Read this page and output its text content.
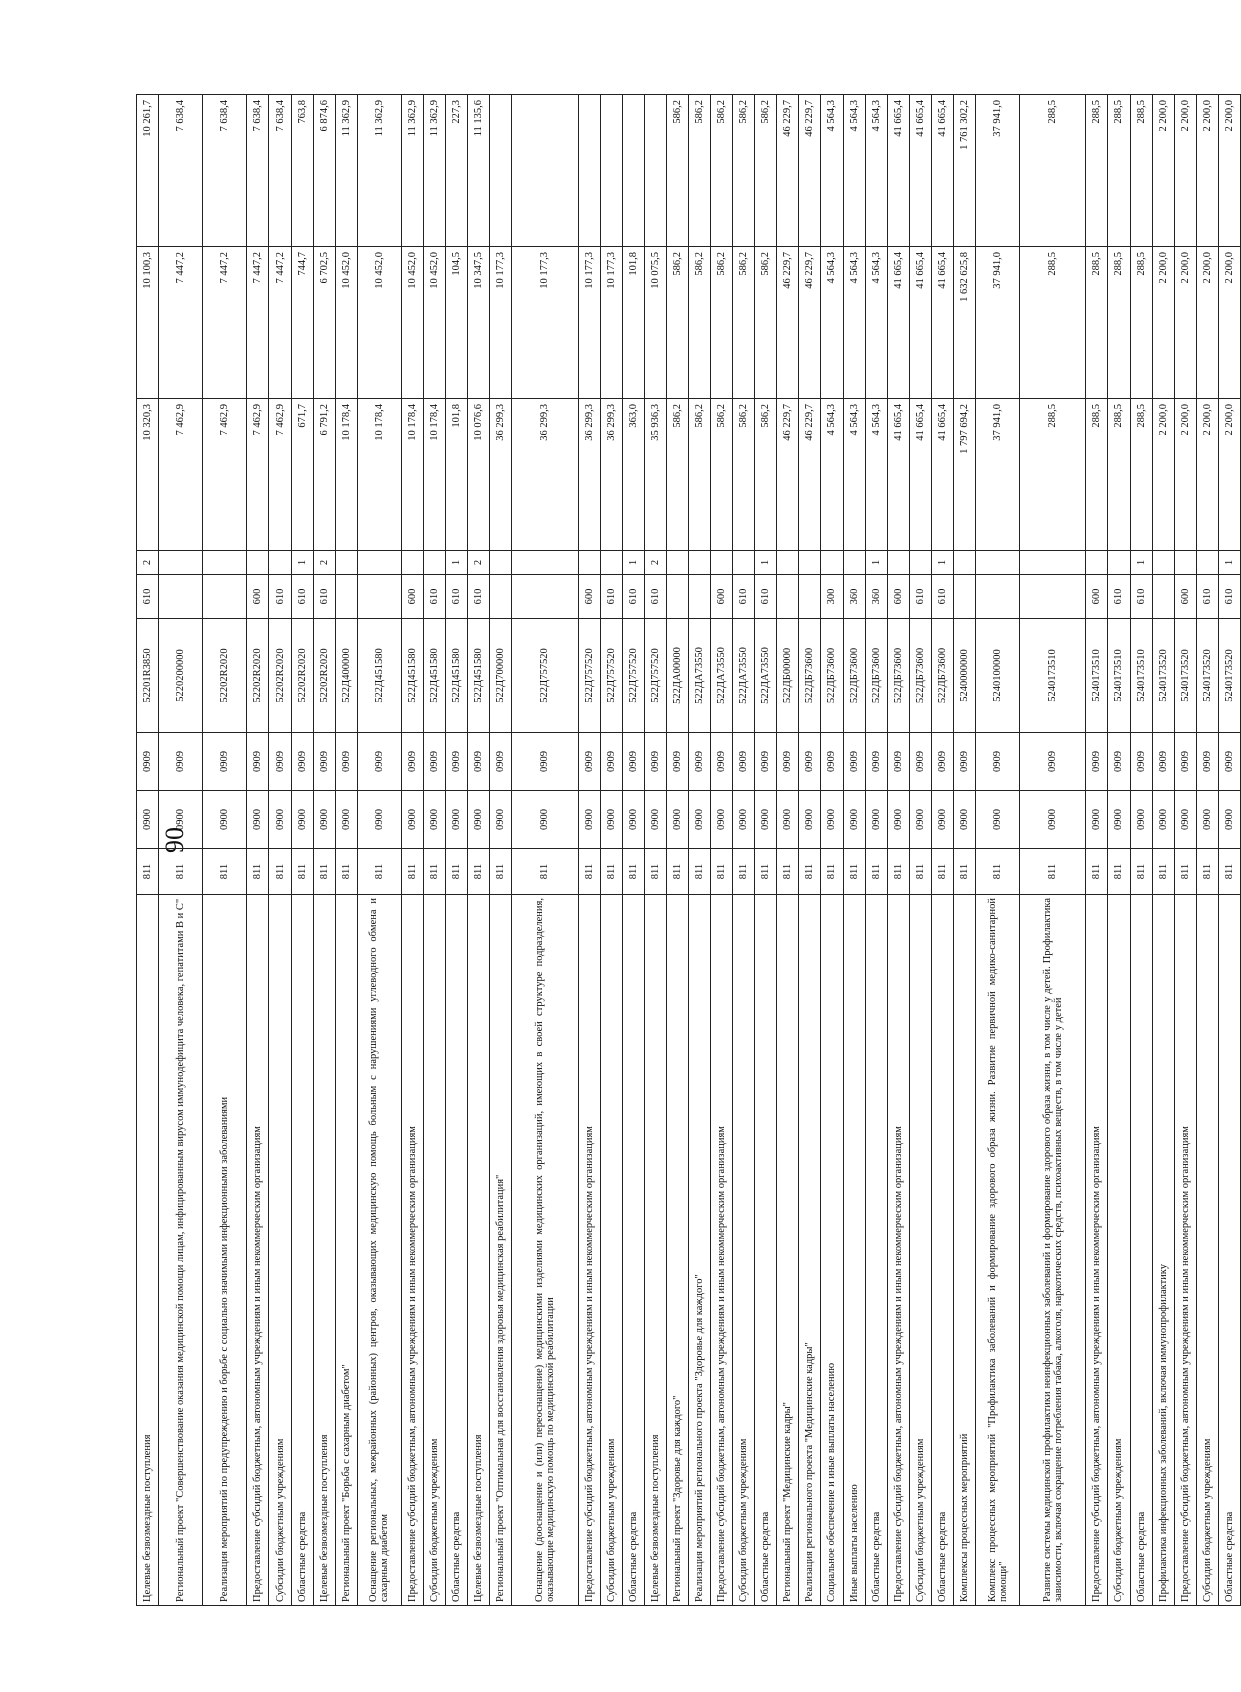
90
Целевые безвозмездные поступления	811	0900	0909	52201R3850	610	2	10 320,3	10 100,3	10 261,7
Региональный проект "Совершенствование оказания медицинской помощи лицам, инфицированным вирусом иммунодефицита человека, гепатитами В и С"	811	0900	0909	5220200000			7 462,9	7 447,2	7 638,4
Реализация мероприятий по предупреждению и борьбе с социально значимыми инфекционными заболеваниями	811	0900	0909	52202R2020			7 462,9	7 447,2	7 638,4
Предоставление субсидий бюджетным, автономным учреждениям и иным некоммерческим организациям	811	0900	0909	52202R2020	600		7 462,9	7 447,2	7 638,4
Субсидии бюджетным учреждениям	811	0900	0909	52202R2020	610		7 462,9	7 447,2	7 638,4
Областные средства	811	0900	0909	52202R2020	610	1	671,7	744,7	763,8
Целевые безвозмездные поступления	811	0900	0909	52202R2020	610	2	6 791,2	6 702,5	6 874,6
Региональный проект "Борьба с сахарным диабетом"	811	0900	0909	522Д400000			10 178,4	10 452,0	11 362,9
Оснащение региональных, межрайонных (районных) центров, оказывающих медицинскую помощь больным с нарушениями углеводного обмена и сахарным диабетом	811	0900	0909	522Д451580			10 178,4	10 452,0	11 362,9
Предоставление субсидий бюджетным, автономным учреждениям и иным некоммерческим организациям	811	0900	0909	522Д451580	600		10 178,4	10 452,0	11 362,9
Субсидии бюджетным учреждениям	811	0900	0909	522Д451580	610		10 178,4	10 452,0	11 362,9
Областные средства	811	0900	0909	522Д451580	610	1	101,8	104,5	227,3
Целевые безвозмездные поступления	811	0900	0909	522Д451580	610	2	10 076,6	10 347,5	11 135,6
Региональный проект "Оптимальная для восстановления здоровья медицинская реабилитация"	811	0900	0909	522Д700000			36 299,3	10 177,3	
Оснащение (дооснащение и (или) переоснащение) медицинскими изделиями медицинских организаций, имеющих в своей структуре подразделения, оказывающие медицинскую помощь по медицинской реабилитации	811	0900	0909	522Д757520			36 299,3	10 177,3	
Предоставление субсидий бюджетным, автономным учреждениям и иным некоммерческим организациям	811	0900	0909	522Д757520	600		36 299,3	10 177,3	
Субсидии бюджетным учреждениям	811	0900	0909	522Д757520	610		36 299,3	10 177,3	
Областные средства	811	0900	0909	522Д757520	610	1	363,0	101,8	
Целевые безвозмездные поступления	811	0900	0909	522Д757520	610	2	35 936,3	10 075,5	
Региональный проект "Здоровье для каждого"	811	0900	0909	522ДА00000			586,2	586,2	586,2
Реализация мероприятий регионального проекта "Здоровье для каждого"	811	0900	0909	522ДА73550			586,2	586,2	586,2
Предоставление субсидий бюджетным, автономным учреждениям и иным некоммерческим организациям	811	0900	0909	522ДА73550	600		586,2	586,2	586,2
Субсидии бюджетным учреждениям	811	0900	0909	522ДА73550	610		586,2	586,2	586,2
Областные средства	811	0900	0909	522ДА73550	610	1	586,2	586,2	586,2
Региональный проект "Медицинские кадры"	811	0900	0909	522ДБ00000			46 229,7	46 229,7	46 229,7
Реализация регионального проекта "Медицинские кадры"	811	0900	0909	522ДБ73600			46 229,7	46 229,7	46 229,7
Социальное обеспечение и иные выплаты населению	811	0900	0909	522ДБ73600	300		4 564,3	4 564,3	4 564,3
Иные выплаты населению	811	0900	0909	522ДБ73600	360		4 564,3	4 564,3	4 564,3
Областные средства	811	0900	0909	522ДБ73600	360	1	4 564,3	4 564,3	4 564,3
Предоставление субсидий бюджетным, автономным учреждениям и иным некоммерческим организациям	811	0900	0909	522ДБ73600	600		41 665,4	41 665,4	41 665,4
Субсидии бюджетным учреждениям	811	0900	0909	522ДБ73600	610		41 665,4	41 665,4	41 665,4
Областные средства	811	0900	0909	522ДБ73600	610	1	41 665,4	41 665,4	41 665,4
Комплексы процессных мероприятий	811	0900	0909	5240000000			1 797 694,2	1 632 625,8	1 761 302,2
Комплекс процессных мероприятий "Профилактика заболеваний и формирование здорового образа жизни. Развитие первичной медико-санитарной помощи"	811	0900	0909	5240100000			37 941,0	37 941,0	37 941,0
Развитие системы медицинской профилактики неинфекционных заболеваний и формирование здорового образа жизни, в том числе у детей. Профилактика зависимости, включая сокращение потребления табака, алкоголя, наркотических средств, психоактивных веществ, в том числе у детей	811	0900	0909	5240173510			288,5	288,5	288,5
Предоставление субсидий бюджетным, автономным учреждениям и иным некоммерческим организациям	811	0900	0909	5240173510	600		288,5	288,5	288,5
Субсидии бюджетным учреждениям	811	0900	0909	5240173510	610		288,5	288,5	288,5
Областные средства	811	0900	0909	5240173510	610	1	288,5	288,5	288,5
Профилактика инфекционных заболеваний, включая иммунопрофилактику	811	0900	0909	5240173520			2 200,0	2 200,0	2 200,0
Предоставление субсидий бюджетным, автономным учреждениям и иным некоммерческим организациям	811	0900	0909	5240173520	600		2 200,0	2 200,0	2 200,0
Субсидии бюджетным учреждениям	811	0900	0909	5240173520	610		2 200,0	2 200,0	2 200,0
Областные средства	811	0900	0909	5240173520	610	1	2 200,0	2 200,0	2 200,0
